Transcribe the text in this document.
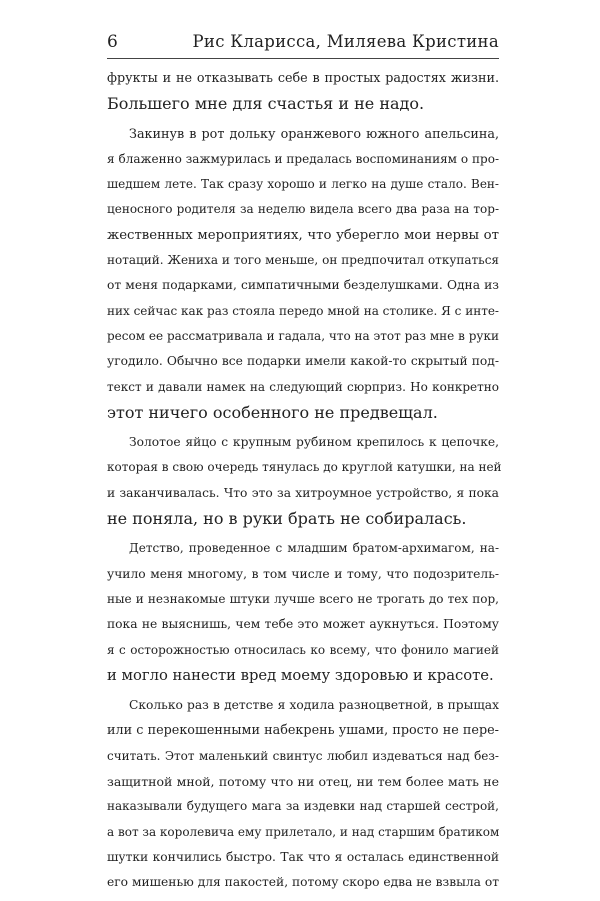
6	Рис Кларисса, Миляева Кристина
фрукты и не отказывать себе в простых радостях жизни.
Большего мне для счастья и не надо.
Закинув в рот дольку оранжевого южного апельсина,
я блаженно зажмурилась и предалась воспоминаниям о про-
шедшем лете. Так сразу хорошо и легко на душе стало. Вен-
ценосного родителя за неделю видела всего два раза на тор-
жественных мероприятиях, что уберегло мои нервы от
нотаций. Жениха и того меньше, он предпочитал откупаться
от меня подарками, симпатичными безделушками. Одна из
них сейчас как раз стояла передо мной на столике. Я с инте-
ресом ее рассматривала и гадала, что на этот раз мне в руки
угодило. Обычно все подарки имели какой-то скрытый под-
текст и давали намек на следующий сюрприз. Но конкретно
этот ничего особенного не предвещал.
Золотое яйцо с крупным рубином крепилось к цепочке,
которая в свою очередь тянулась до круглой катушки, на ней
и заканчивалась. Что это за хитроумное устройство, я пока
не поняла, но в руки брать не собиралась.
Детство, проведенное с младшим братом-архимагом, на-
учило меня многому, в том числе и тому, что подозритель-
ные и незнакомые штуки лучше всего не трогать до тех пор,
пока не выяснишь, чем тебе это может аукнуться. Поэтому
я с осторожностью относилась ко всему, что фонило магией
и могло нанести вред моему здоровью и красоте.
Сколько раз в детстве я ходила разноцветной, в прыщах
или с перекошенными набекрень ушами, просто не пере-
считать. Этот маленький свинтус любил издеваться над без-
защитной мной, потому что ни отец, ни тем более мать не
наказывали будущего мага за издевки над старшей сестрой,
а вот за королевича ему прилетало, и над старшим братиком
шутки кончились быстро. Так что я осталась единственной
его мишенью для пакостей, потому скоро едва не взвыла от
